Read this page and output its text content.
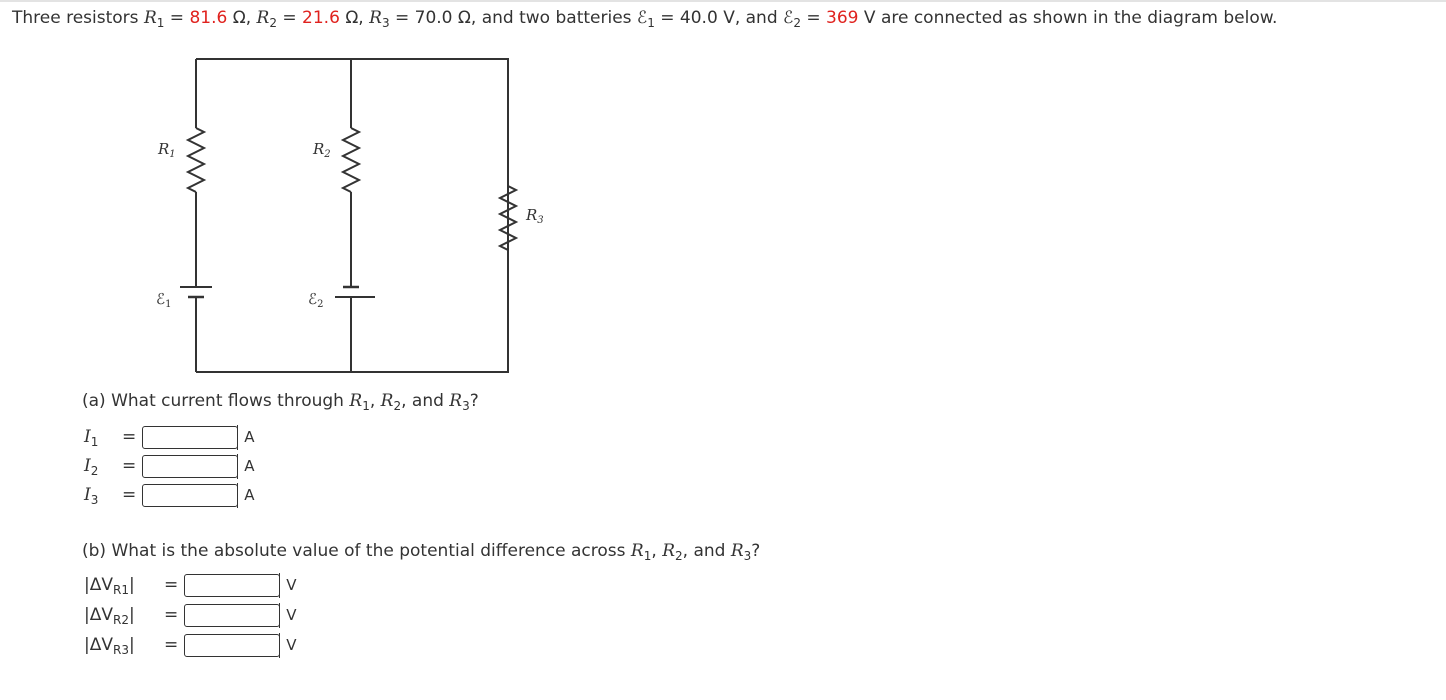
Three resistors $R_1 = 81.6$ Ω, $R_2 = 21.6$ Ω, $R_3 = 70.0$ Ω, and two batteries ℰ$_1$ = 40.0 V, and ℰ$_2$ = 369 V are connected as shown in the diagram below.
$R_1$	$R_2$
$R_3$
ℰ$_1$	ℰ$_2$
(a) What current flows through $R_1$, $R_2$, and $R_3$?
$I_1$	=	A
$I_2$	=	A
$I_3$	=	A
(b) What is the absolute value of the potential difference across $R_1$, $R_2$, and $R_3$?
$|\Delta V_{R1}|$	=	V
$|\Delta V_{R2}|$	=	V
$|\Delta V_{R3}|$	=	V
